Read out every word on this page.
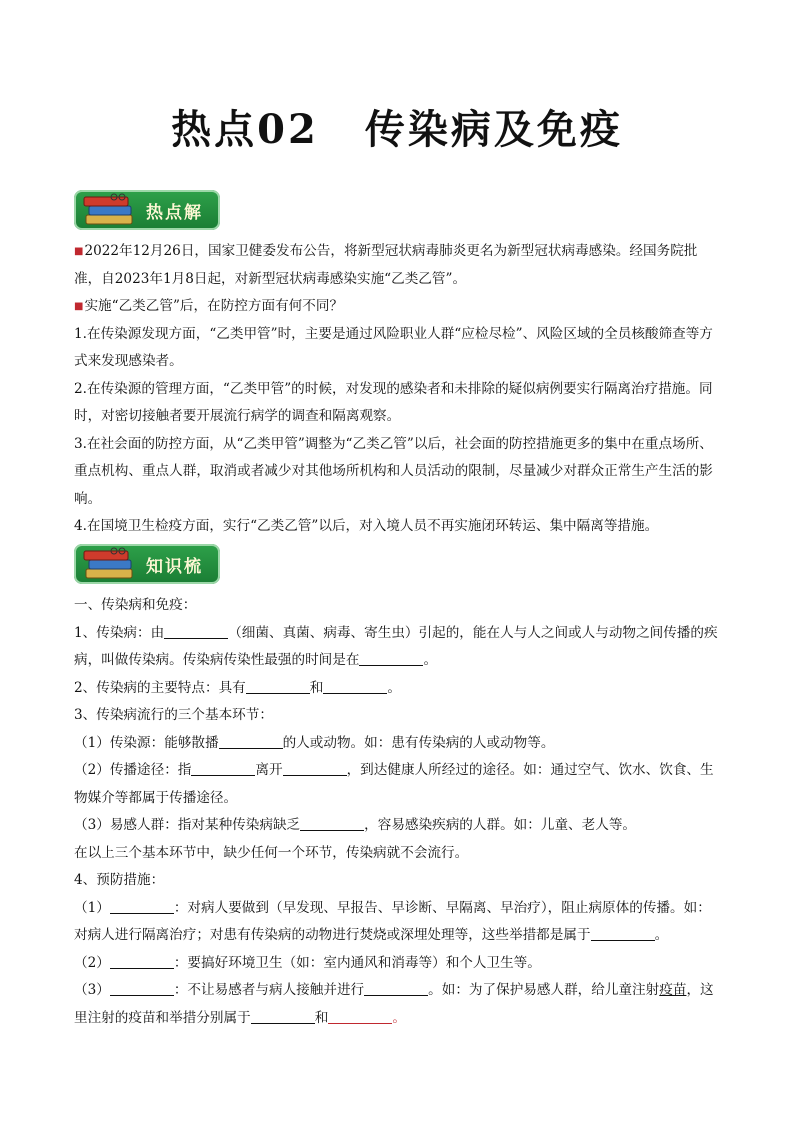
热点02 传染病及免疫
热点解

■2022年12月26日，国家卫健委发布公告，将新型冠状病毒肺炎更名为新型冠状病毒感染。经国务院批准，自2023年1月8日起，对新型冠状病毒感染实施“乙类乙管”。

■实施“乙类乙管”后，在防控方面有何不同？

1.在传染源发现方面，“乙类甲管”时，主要是通过风险职业人群“应检尽检”、风险区域的全员核酸筛查等方式来发现感染者。

2.在传染源的管理方面，“乙类甲管”的时候，对发现的感染者和未排除的疑似病例要实行隔离治疗措施。同时，对密切接触者要开展流行病学的调查和隔离观察。

3.在社会面的防控方面，从“乙类甲管”调整为“乙类乙管”以后，社会面的防控措施更多的集中在重点场所、重点机构、重点人群，取消或者减少对其他场所机构和人员活动的限制，尽量减少对群众正常生产生活的影响。

4.在国境卫生检疫方面，实行“乙类乙管”以后，对入境人员不再实施闭环转运、集中隔离等措施。

知识梳

一、传染病和免疫：

1、传染病：由	（细菌、真菌、病毒、寄生虫）引起的，能在人与人之间或人与动物之间传播的疾病，叫做传染病。传染病传染性最强的时间是在	。

2、传染病的主要特点：具有	和	。

3、传染病流行的三个基本环节：

（1）传染源：能够散播	的人或动物。如：患有传染病的人或动物等。

（2）传播途径：指	离开	，到达健康人所经过的途径。如：通过空气、饮水、饮食、生物媒介等都属于传播途径。

（3）易感人群：指对某种传染病缺乏	，容易感染疾病的人群。如：儿童、老人等。

在以上三个基本环节中，缺少任何一个环节，传染病就不会流行。

4、预防措施：

（1）	：对病人要做到（早发现、早报告、早诊断、早隔离、早治疗），阻止病原体的传播。如：对病人进行隔离治疗；对患有传染病的动物进行焚烧或深埋处理等，这些举措都是属于	。

（2）	：要搞好环境卫生（如：室内通风和消毒等）和个人卫生等。

（3）	：不让易感者与病人接触并进行	。如：为了保护易感人群，给儿童注射疫苗，这里注射的疫苗和举措分别属于	和	。
